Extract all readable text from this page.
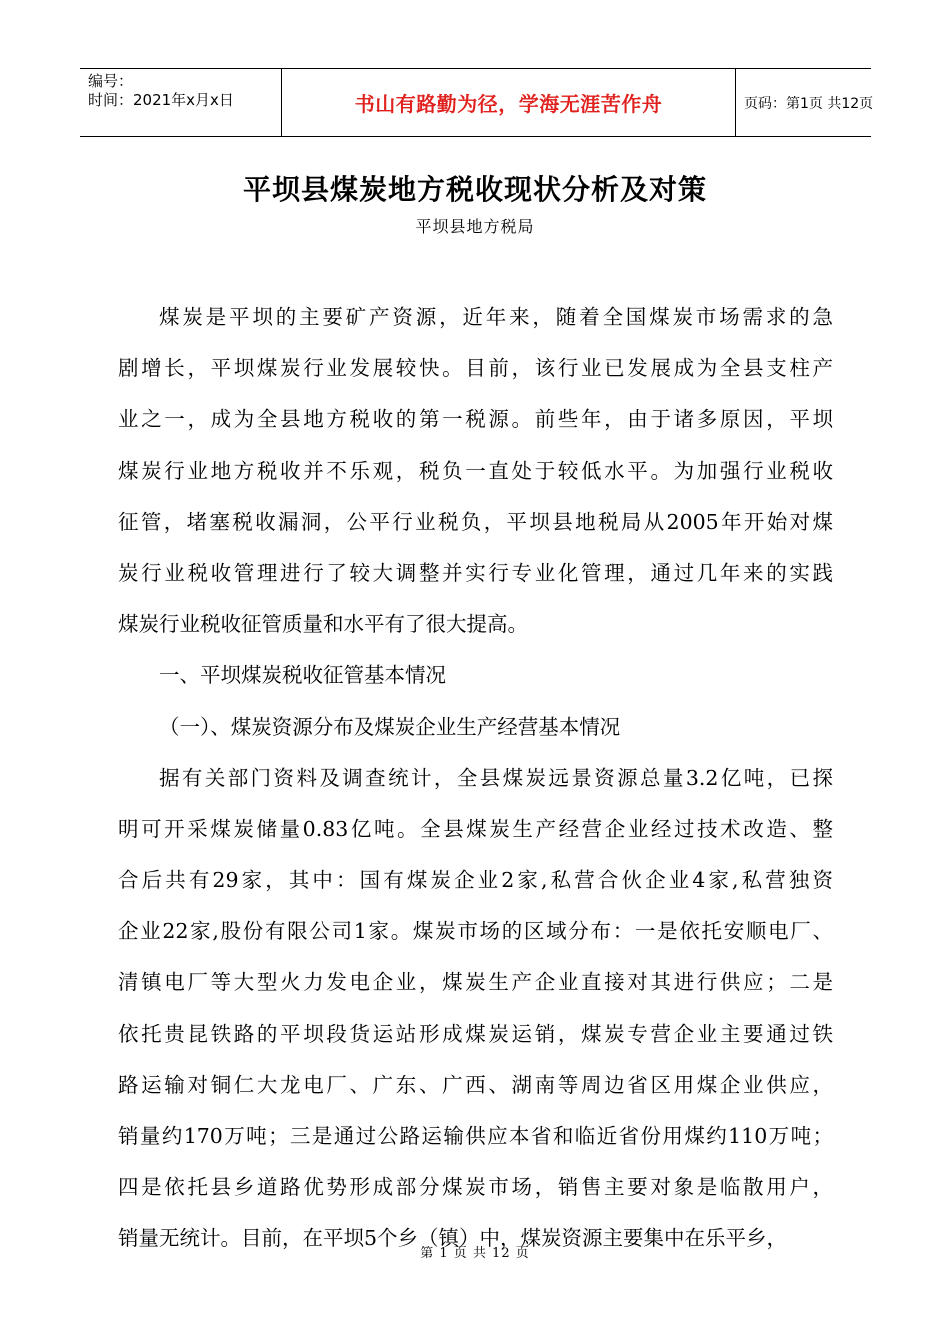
编号：
时间：2021年x月x日	书山有路勤为径，学海无涯苦作舟	页码：第1页 共12页
平坝县煤炭地方税收现状分析及对策
平坝县地方税局
煤炭是平坝的主要矿产资源，近年来，随着全国煤炭市场需求的急
剧增长，平坝煤炭行业发展较快。目前，该行业已发展成为全县支柱产
业之一，成为全县地方税收的第一税源。前些年，由于诸多原因，平坝
煤炭行业地方税收并不乐观，税负一直处于较低水平。为加强行业税收
征管，堵塞税收漏洞，公平行业税负，平坝县地税局从2005年开始对煤
炭行业税收管理进行了较大调整并实行专业化管理，通过几年来的实践
煤炭行业税收征管质量和水平有了很大提高。
一、平坝煤炭税收征管基本情况
（一）、煤炭资源分布及煤炭企业生产经营基本情况
据有关部门资料及调查统计，全县煤炭远景资源总量3.2亿吨，已探
明可开采煤炭储量0.83亿吨。全县煤炭生产经营企业经过技术改造、整
合后共有29家，其中：国有煤炭企业2家,私营合伙企业4家,私营独资
企业22家,股份有限公司1家。煤炭市场的区域分布：一是依托安顺电厂、
清镇电厂等大型火力发电企业，煤炭生产企业直接对其进行供应；二是
依托贵昆铁路的平坝段货运站形成煤炭运销，煤炭专营企业主要通过铁
路运输对铜仁大龙电厂、广东、广西、湖南等周边省区用煤企业供应，
销量约170万吨；三是通过公路运输供应本省和临近省份用煤约110万吨；
四是依托县乡道路优势形成部分煤炭市场，销售主要对象是临散用户，
销量无统计。目前，在平坝5个乡（镇）中，煤炭资源主要集中在乐平乡，
第 1 页 共 12 页
